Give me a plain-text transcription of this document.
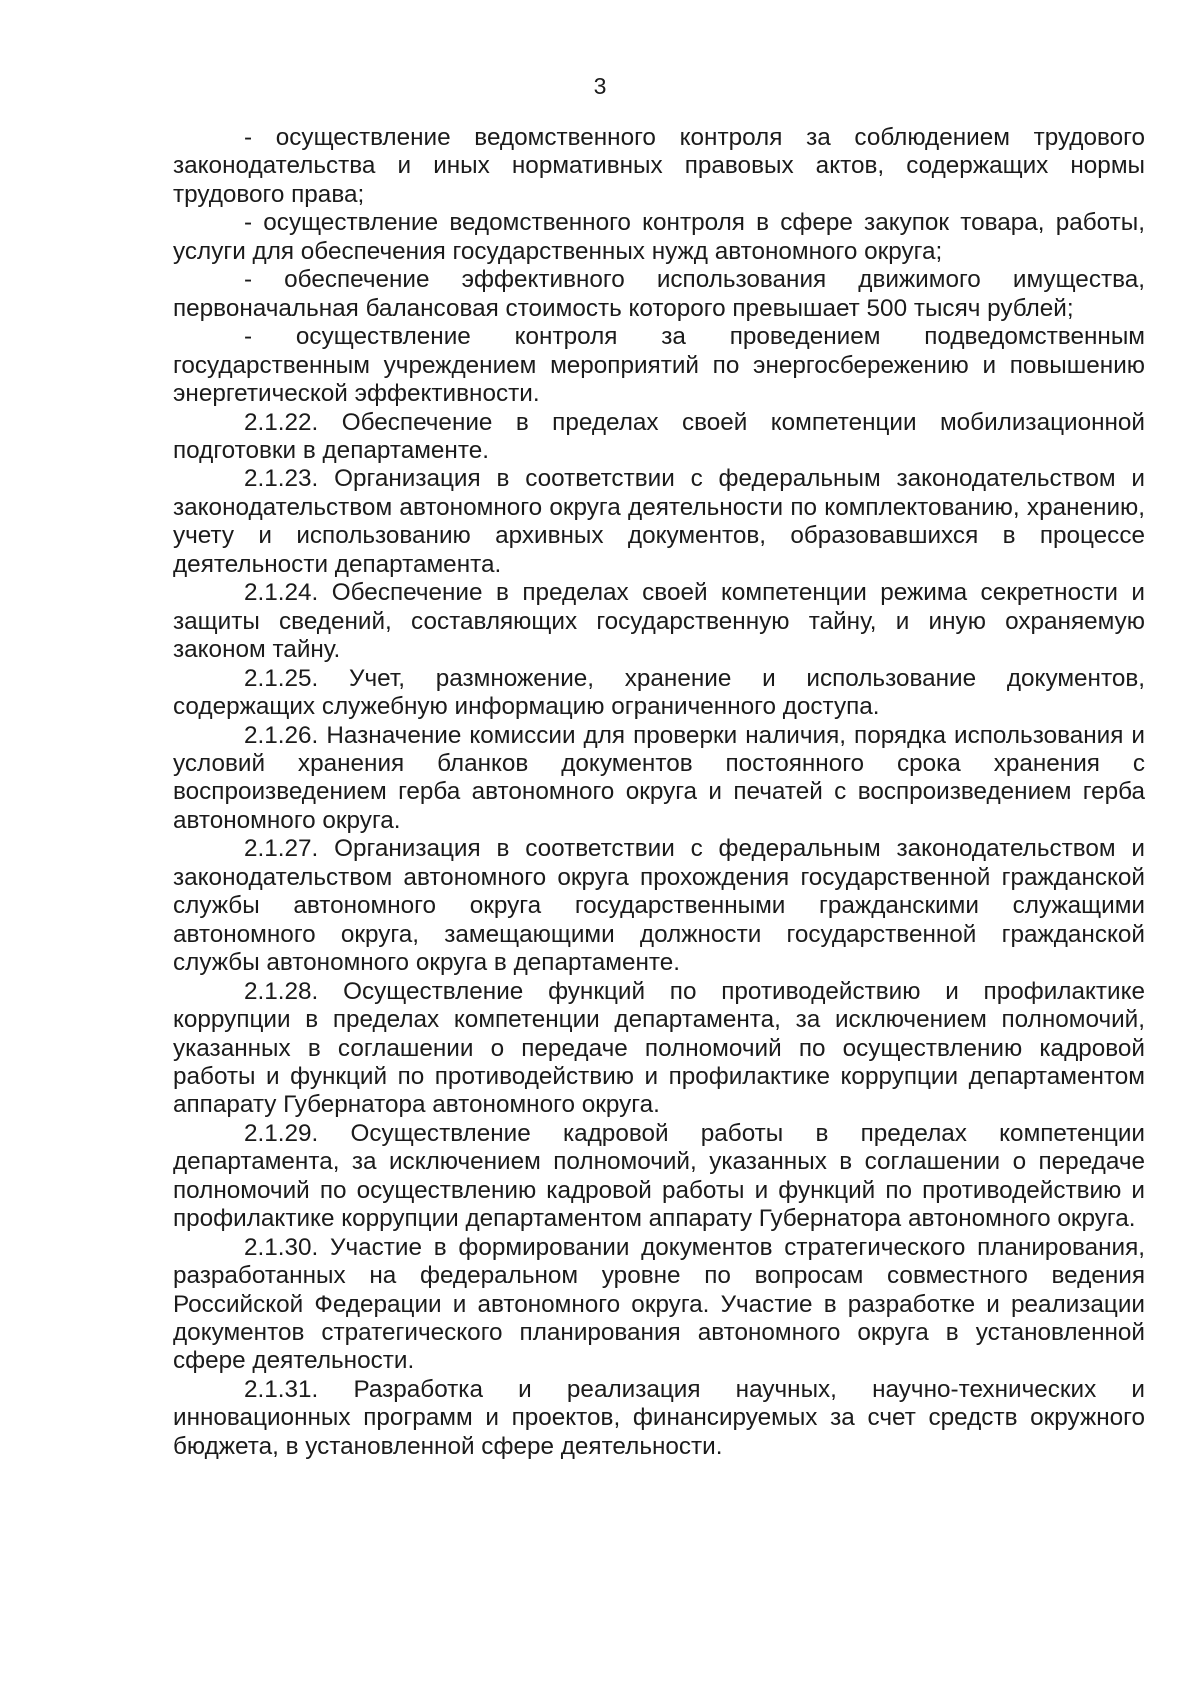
3

- осуществление ведомственного контроля за соблюдением трудового законодательства и иных нормативных правовых актов, содержащих нормы трудового права;

- осуществление ведомственного контроля в сфере закупок товара, работы, услуги для обеспечения государственных нужд автономного округа;

- обеспечение эффективного использования движимого имущества, первоначальная балансовая стоимость которого превышает 500 тысяч рублей;

- осуществление контроля за проведением подведомственным государственным учреждением мероприятий по энергосбережению и повышению энергетической эффективности.

2.1.22. Обеспечение в пределах своей компетенции мобилизационной подготовки в департаменте.

2.1.23. Организация в соответствии с федеральным законодательством и законодательством автономного округа деятельности по комплектованию, хранению, учету и использованию архивных документов, образовавшихся в процессе деятельности департамента.

2.1.24. Обеспечение в пределах своей компетенции режима секретности и защиты сведений, составляющих государственную тайну, и иную охраняемую законом тайну.

2.1.25. Учет, размножение, хранение и использование документов, содержащих служебную информацию ограниченного доступа.

2.1.26. Назначение комиссии для проверки наличия, порядка использования и условий хранения бланков документов постоянного срока хранения с воспроизведением герба автономного округа и печатей с воспроизведением герба автономного округа.

2.1.27. Организация в соответствии с федеральным законодательством и законодательством автономного округа прохождения государственной гражданской службы автономного округа государственными гражданскими служащими автономного округа, замещающими должности государственной гражданской службы автономного округа в департаменте.

2.1.28. Осуществление функций по противодействию и профилактике коррупции в пределах компетенции департамента, за исключением полномочий, указанных в соглашении о передаче полномочий по осуществлению кадровой работы и функций по противодействию и профилактике коррупции департаментом аппарату Губернатора автономного округа.

2.1.29. Осуществление кадровой работы в пределах компетенции департамента, за исключением полномочий, указанных в соглашении о передаче полномочий по осуществлению кадровой работы и функций по противодействию и профилактике коррупции департаментом аппарату Губернатора автономного округа.

2.1.30. Участие в формировании документов стратегического планирования, разработанных на федеральном уровне по вопросам совместного ведения Российской Федерации и автономного округа. Участие в разработке и реализации документов стратегического планирования автономного округа в установленной сфере деятельности.

2.1.31. Разработка и реализация научных, научно-технических и инновационных программ и проектов, финансируемых за счет средств окружного бюджета, в установленной сфере деятельности.
